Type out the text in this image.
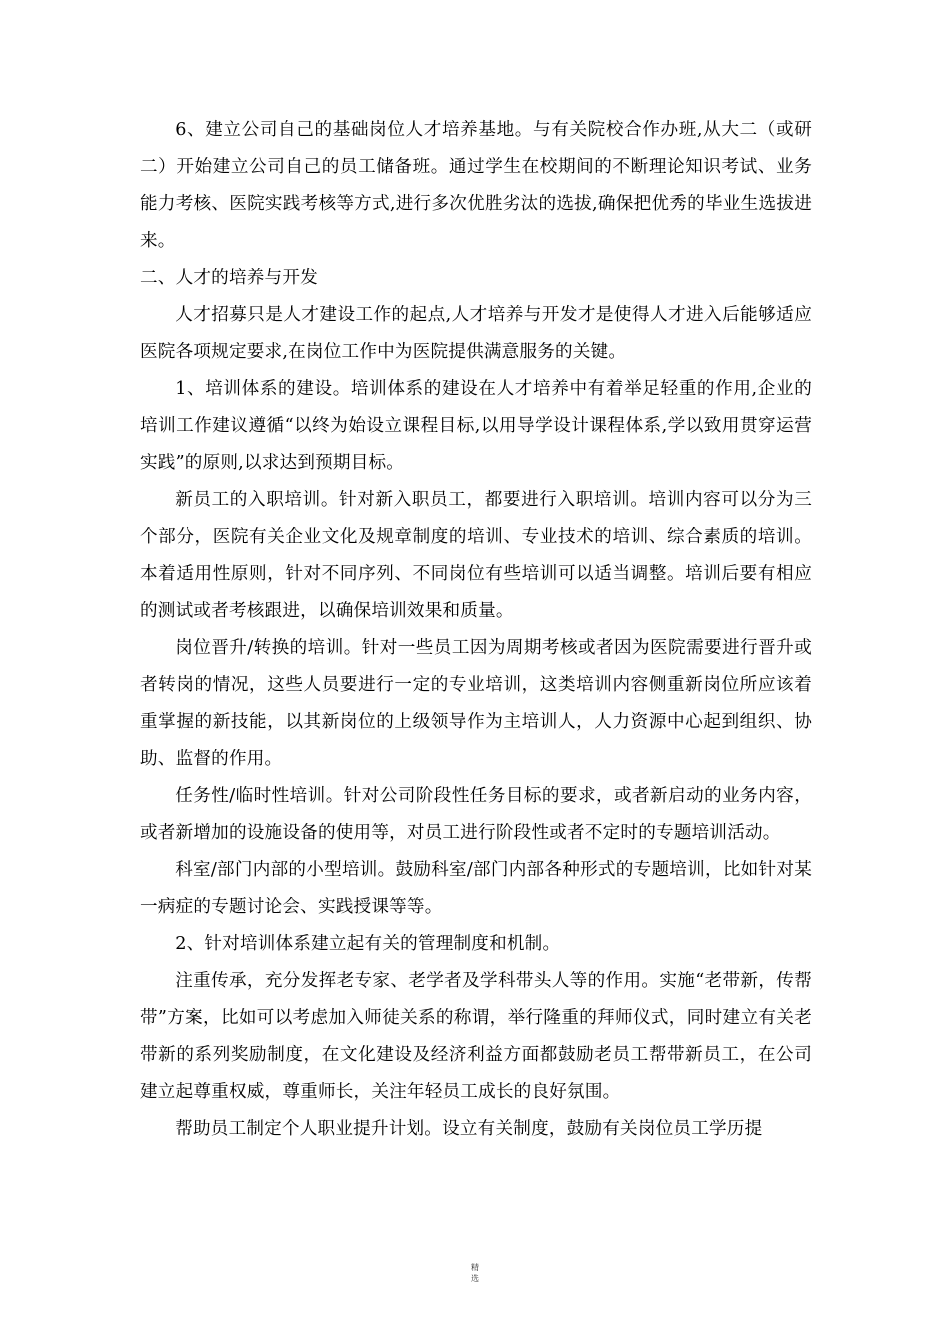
6、建立公司自己的基础岗位人才培养基地。与有关院校合作办班,从大二（或研二）开始建立公司自己的员工储备班。通过学生在校期间的不断理论知识考试、业务能力考核、医院实践考核等方式,进行多次优胜劣汰的选拔,确保把优秀的毕业生选拔进来。

二、人才的培养与开发

人才招募只是人才建设工作的起点,人才培养与开发才是使得人才进入后能够适应医院各项规定要求,在岗位工作中为医院提供满意服务的关键。

1、培训体系的建设。培训体系的建设在人才培养中有着举足轻重的作用,企业的培训工作建议遵循“以终为始设立课程目标,以用导学设计课程体系,学以致用贯穿运营实践”的原则,以求达到预期目标。

新员工的入职培训。针对新入职员工，都要进行入职培训。培训内容可以分为三个部分，医院有关企业文化及规章制度的培训、专业技术的培训、综合素质的培训。本着适用性原则，针对不同序列、不同岗位有些培训可以适当调整。培训后要有相应的测试或者考核跟进，以确保培训效果和质量。

岗位晋升/转换的培训。针对一些员工因为周期考核或者因为医院需要进行晋升或者转岗的情况，这些人员要进行一定的专业培训，这类培训内容侧重新岗位所应该着重掌握的新技能，以其新岗位的上级领导作为主培训人，人力资源中心起到组织、协助、监督的作用。

任务性/临时性培训。针对公司阶段性任务目标的要求，或者新启动的业务内容，或者新增加的设施设备的使用等，对员工进行阶段性或者不定时的专题培训活动。

科室/部门内部的小型培训。鼓励科室/部门内部各种形式的专题培训，比如针对某一病症的专题讨论会、实践授课等等。

2、针对培训体系建立起有关的管理制度和机制。

注重传承，充分发挥老专家、老学者及学科带头人等的作用。实施“老带新，传帮带”方案，比如可以考虑加入师徒关系的称谓，举行隆重的拜师仪式，同时建立有关老带新的系列奖励制度，在文化建设及经济利益方面都鼓励老员工帮带新员工，在公司建立起尊重权威，尊重师长，关注年轻员工成长的良好氛围。

帮助员工制定个人职业提升计划。设立有关制度，鼓励有关岗位员工学历提

精选
